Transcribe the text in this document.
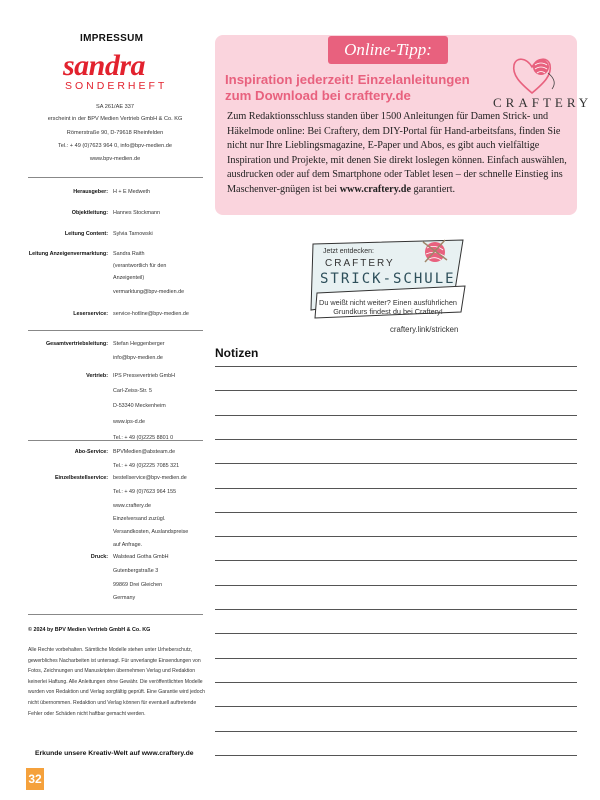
IMPRESSUM
sandra
SONDERHEFT
SA 261/AE 337
erscheint in der BPV Medien Vertrieb GmbH & Co. KG
Römerstraße 90, D-79618 Rheinfelden
Tel.: + 49 (0)7623 964 0, info@bpv-medien.de
www.bpv-medien.de
Herausgeber: H + E Medweth
Objektleitung: Hannes Stockmann
Leitung Content: Sylvia Tarnowski
Leitung Anzeigenvermarktung: Sandra Raith
(verantwortlich für den
Anzeigenteil)
vermarktung@bpv-medien.de
Leserservice: service-hotline@bpv-medien.de
Gesamtvertriebsleitung: Stefan Heggenberger
info@bpv-medien.de
Vertrieb: IPS Pressevertrieb GmbH
Carl-Zeiss-Str. 5
D-53340 Meckenheim
www.ips-d.de
Tel.: + 49 (0)2225 8801 0
Abo-Service: BPVMedien@absteam.de
Tel.: + 49 (0)2225 7085 321
Einzelbestellservice: bestellservice@bpv-medien.de
Tel.: + 49 (0)7623 964 155
www.craftery.de
Einzelversand zuzügl.
Versandkosten, Auslandspreise
auf Anfrage.
Druck: Walstead Gotha GmbH
Gutenbergstraße 3
99869 Drei Gleichen
Germany
© 2024 by BPV Medien Vertrieb GmbH & Co. KG
Alle Rechte vorbehalten. Sämtliche Modelle stehen unter Urheberschutz, gewerbliches Nacharbeiten ist untersagt. Für unverlangte Einsendungen von Fotos, Zeichnungen und Manuskripten übernehmen Verlag und Redaktion keinerlei Haftung. Alle Anleitungen ohne Gewähr. Die veröffentlichten Modelle wurden von Redaktion und Verlag sorgfältig geprüft. Eine Garantie wird jedoch nicht übernommen. Redaktion und Verlag können für eventuell auftretende Fehler oder Schäden nicht haftbar gemacht werden.
Erkunde unsere Kreativ-Welt auf www.craftery.de
32
Online-Tipp:
Inspiration jederzeit! Einzelanleitungen
zum Download bei craftery.de	CRAFTERY
Zum Redaktionsschluss standen über 1500 Anleitungen für Damen Strick- und Häkelmode online: Bei Craftery, dem DIY-Portal für Hand-arbeitsfans, finden Sie nicht nur Ihre Lieblingsmagazine, E-Paper und Abos, es gibt auch vielfältige Inspiration und Projekte, mit denen Sie direkt loslegen können. Einfach auswählen, ausdrucken oder auf dem Smartphone oder Tablet lesen – der schnelle Einstieg ins Maschenver-gnügen ist bei www.craftery.de garantiert.
Jetzt entdecken:
CRAFTERY
STRICK-SCHULE
Du weißt nicht weiter? Einen ausführlichen Grundkurs findest du bei Craftery!
craftery.link/stricken
Notizen
